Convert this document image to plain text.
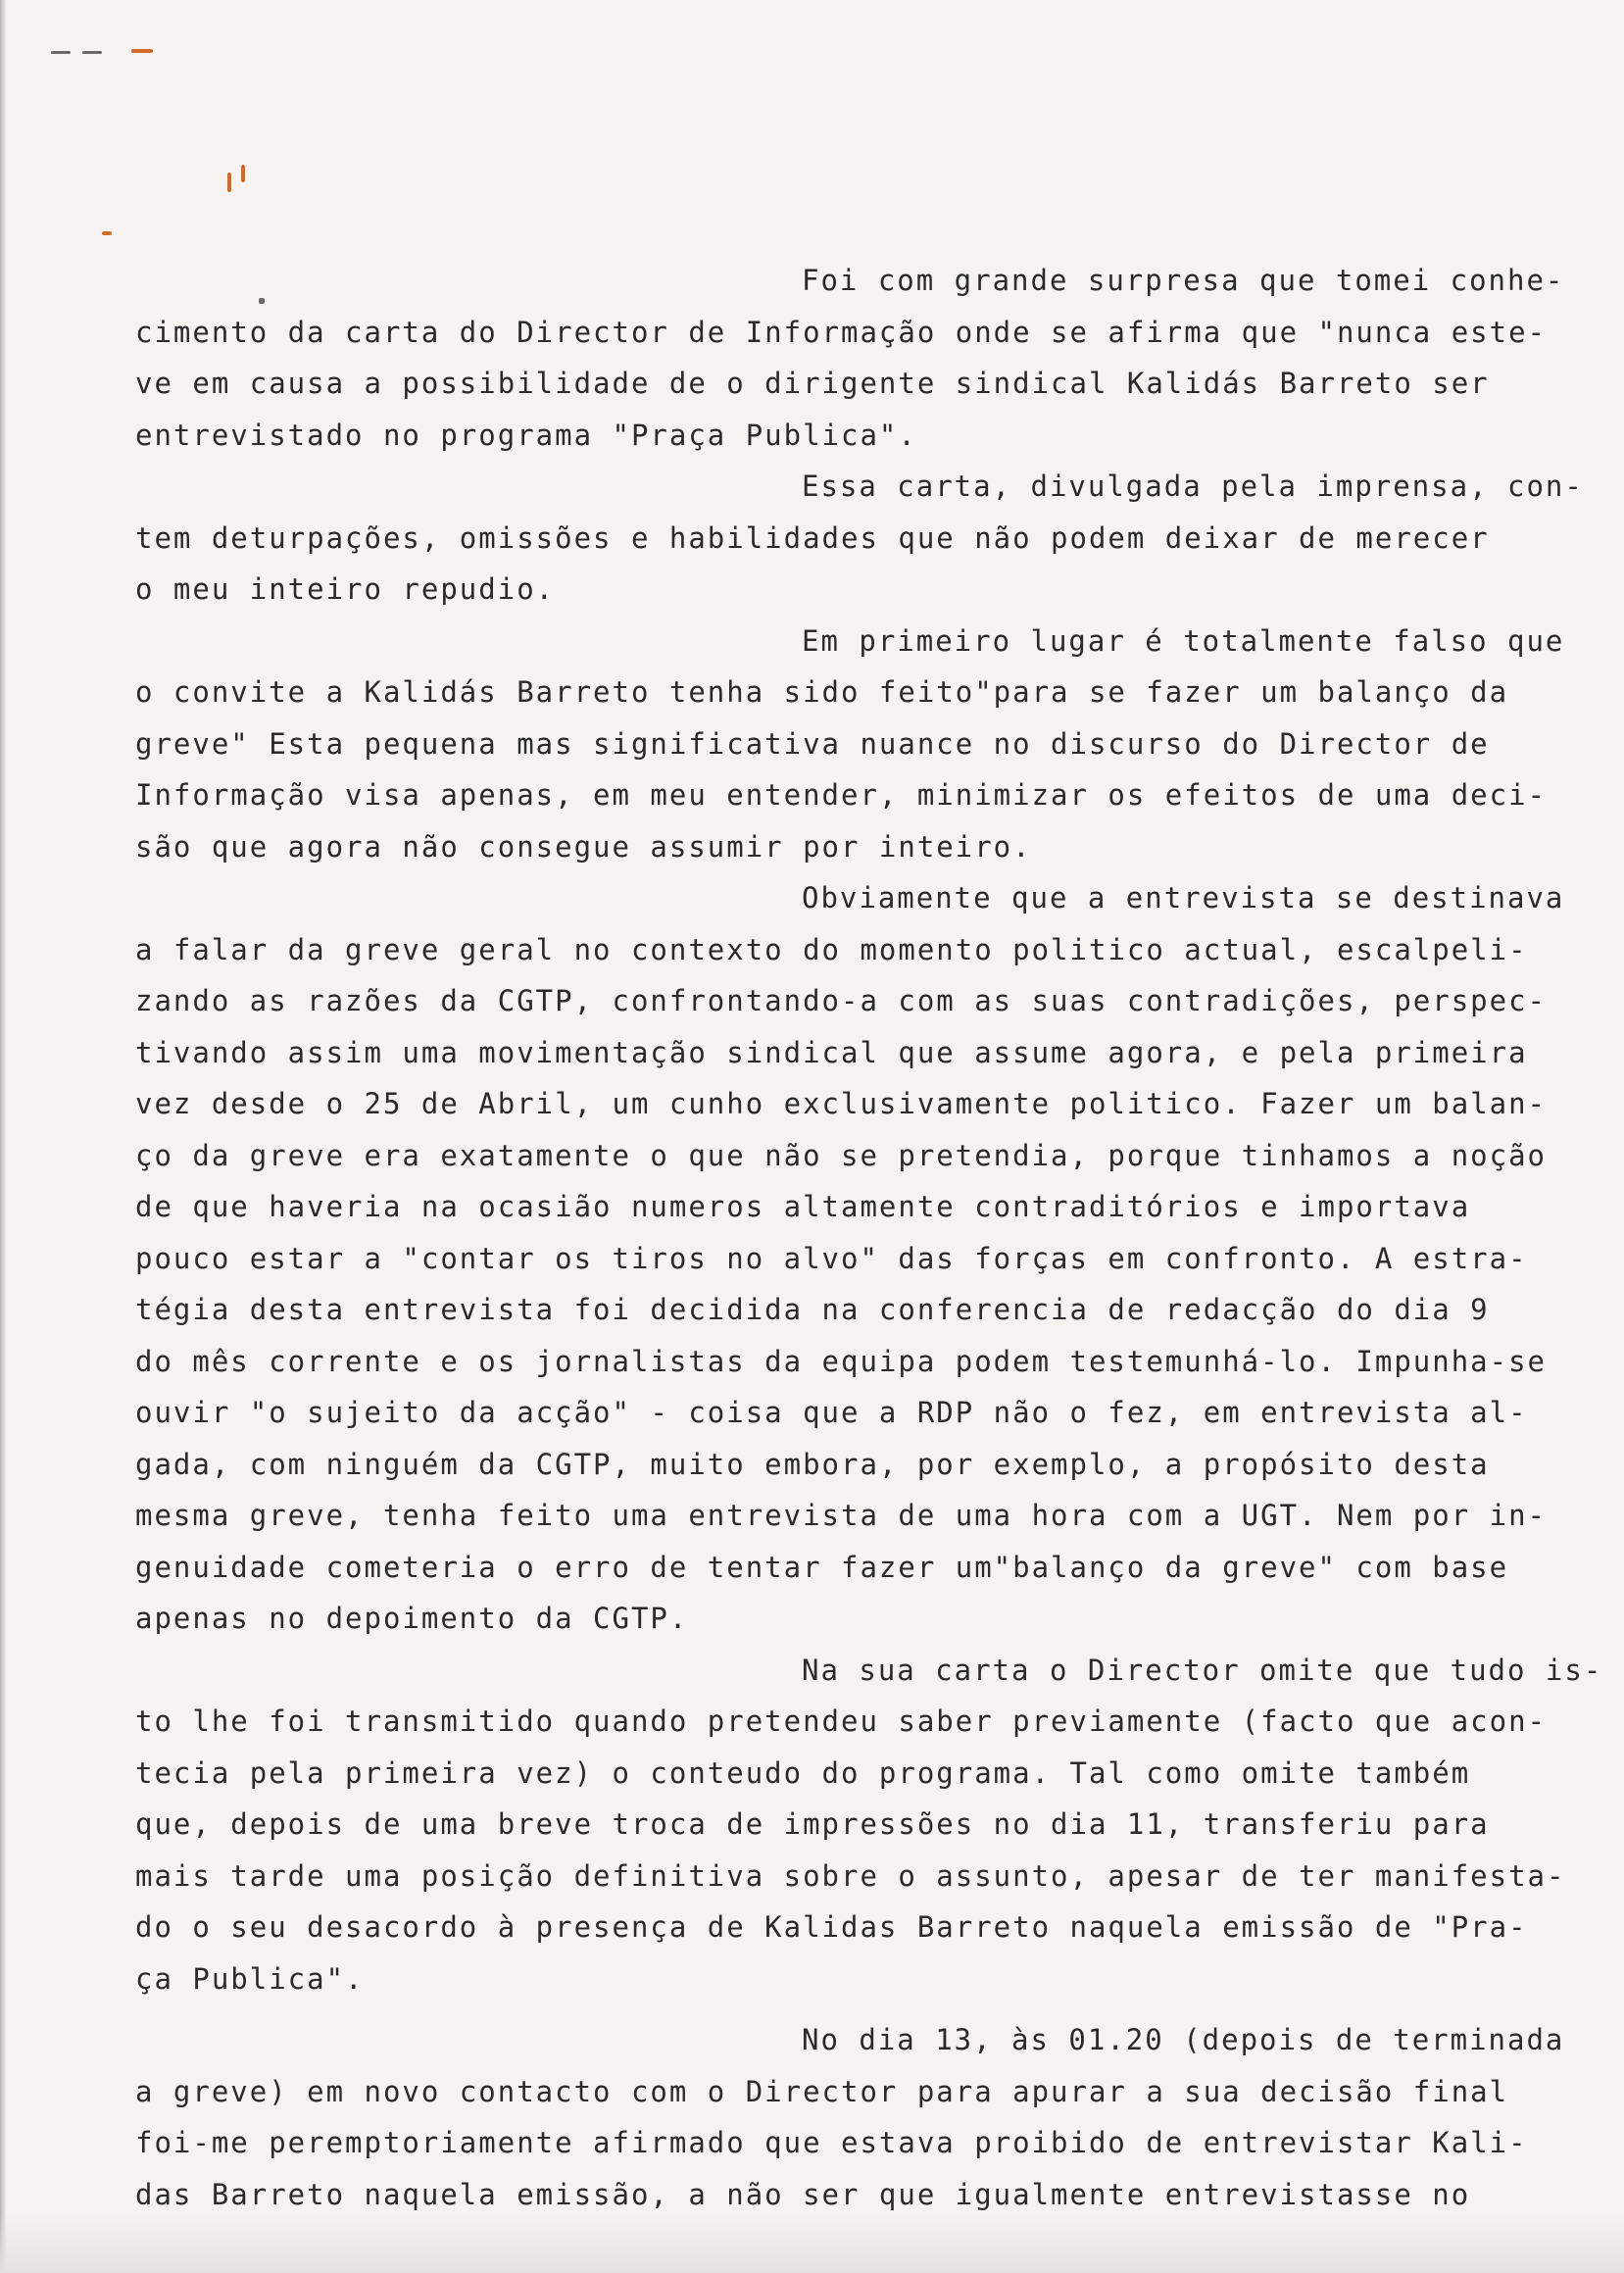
Foi com grande surpresa que tomei conhe-
cimento da carta do Director de Informação onde se afirma que "nunca este-
ve em causa a possibilidade de o dirigente sindical Kalidás Barreto ser
entrevistado no programa "Praça Publica".
Essa carta, divulgada pela imprensa, con-
tem deturpações, omissões e habilidades que não podem deixar de merecer
o meu inteiro repudio.
Em primeiro lugar é totalmente falso que
o convite a Kalidás Barreto tenha sido feito"para se fazer um balanço da
greve" Esta pequena mas significativa nuance no discurso do Director de
Informação visa apenas, em meu entender, minimizar os efeitos de uma deci-
são que agora não consegue assumir por inteiro.
Obviamente que a entrevista se destinava
a falar da greve geral no contexto do momento politico actual, escalpeli-
zando as razões da CGTP, confrontando-a com as suas contradições, perspec-
tivando assim uma movimentação sindical que assume agora, e pela primeira
vez desde o 25 de Abril, um cunho exclusivamente politico. Fazer um balan-
ço da greve era exatamente o que não se pretendia, porque tinhamos a noção
de que haveria na ocasião numeros altamente contraditórios e importava
pouco estar a "contar os tiros no alvo" das forças em confronto. A estra-
tégia desta entrevista foi decidida na conferencia de redacção do dia 9
do mês corrente e os jornalistas da equipa podem testemunhá-lo. Impunha-se
ouvir "o sujeito da acção" - coisa que a RDP não o fez, em entrevista al-
gada, com ninguém da CGTP, muito embora, por exemplo, a propósito desta
mesma greve, tenha feito uma entrevista de uma hora com a UGT. Nem por in-
genuidade cometeria o erro de tentar fazer um"balanço da greve" com base
apenas no depoimento da CGTP.
Na sua carta o Director omite que tudo is-
to lhe foi transmitido quando pretendeu saber previamente (facto que acon-
tecia pela primeira vez) o conteudo do programa. Tal como omite também
que, depois de uma breve troca de impressões no dia 11, transferiu para
mais tarde uma posição definitiva sobre o assunto, apesar de ter manifesta-
do o seu desacordo à presença de Kalidas Barreto naquela emissão de "Pra-
ça Publica".
No dia 13, às 01.20 (depois de terminada
a greve) em novo contacto com o Director para apurar a sua decisão final
foi-me peremptoriamente afirmado que estava proibido de entrevistar Kali-
das Barreto naquela emissão, a não ser que igualmente entrevistasse no
